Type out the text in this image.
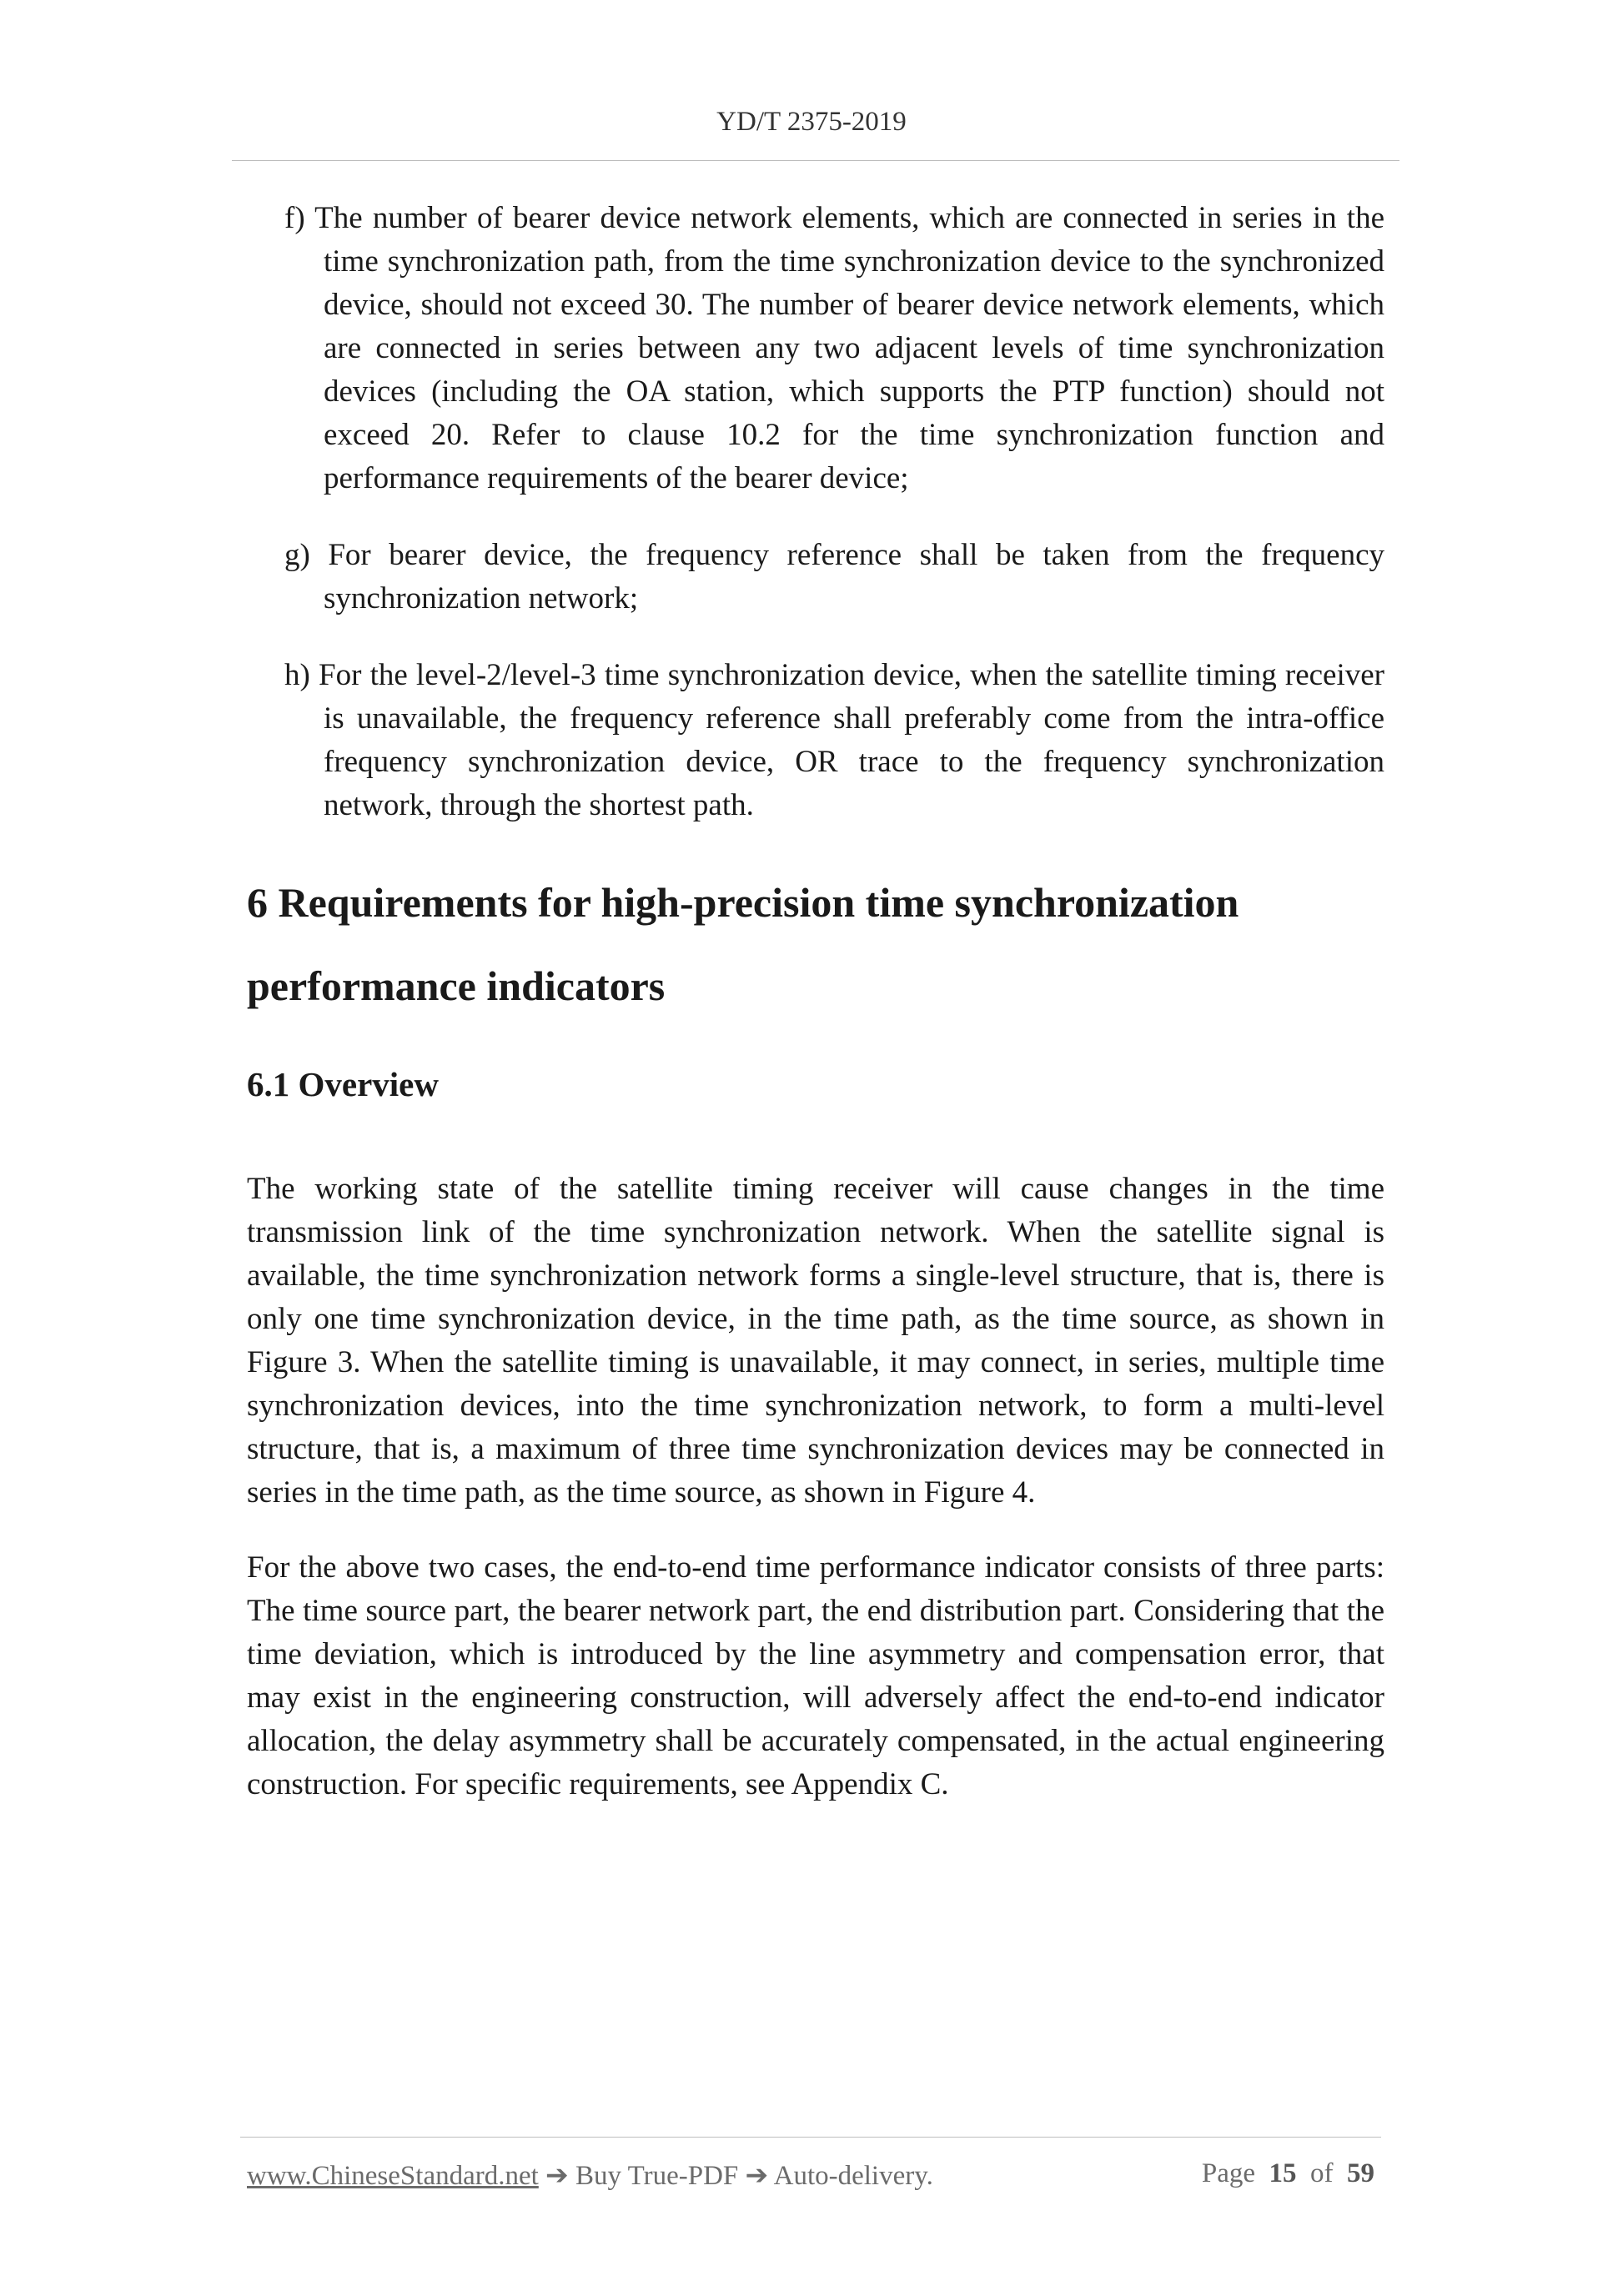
YD/T 2375-2019
f) The number of bearer device network elements, which are connected in series in the time synchronization path, from the time synchronization device to the synchronized device, should not exceed 30. The number of bearer device network elements, which are connected in series between any two adjacent levels of time synchronization devices (including the OA station, which supports the PTP function) should not exceed 20. Refer to clause 10.2 for the time synchronization function and performance requirements of the bearer device;
g) For bearer device, the frequency reference shall be taken from the frequency synchronization network;
h) For the level-2/level-3 time synchronization device, when the satellite timing receiver is unavailable, the frequency reference shall preferably come from the intra-office frequency synchronization device, OR trace to the frequency synchronization network, through the shortest path.
6 Requirements for high-precision time synchronization
performance indicators
6.1 Overview

The working state of the satellite timing receiver will cause changes in the time transmission link of the time synchronization network. When the satellite signal is available, the time synchronization network forms a single-level structure, that is, there is only one time synchronization device, in the time path, as the time source, as shown in Figure 3. When the satellite timing is unavailable, it may connect, in series, multiple time synchronization devices, into the time synchronization network, to form a multi-level structure, that is, a maximum of three time synchronization devices may be connected in series in the time path, as the time source, as shown in Figure 4.

For the above two cases, the end-to-end time performance indicator consists of three parts: The time source part, the bearer network part, the end distribution part. Considering that the time deviation, which is introduced by the line asymmetry and compensation error, that may exist in the engineering construction, will adversely affect the end-to-end indicator allocation, the delay asymmetry shall be accurately compensated, in the actual engineering construction. For specific requirements, see Appendix C.

www.ChineseStandard.net ➔ Buy True-PDF ➔ Auto-delivery.	Page 15 of 59
